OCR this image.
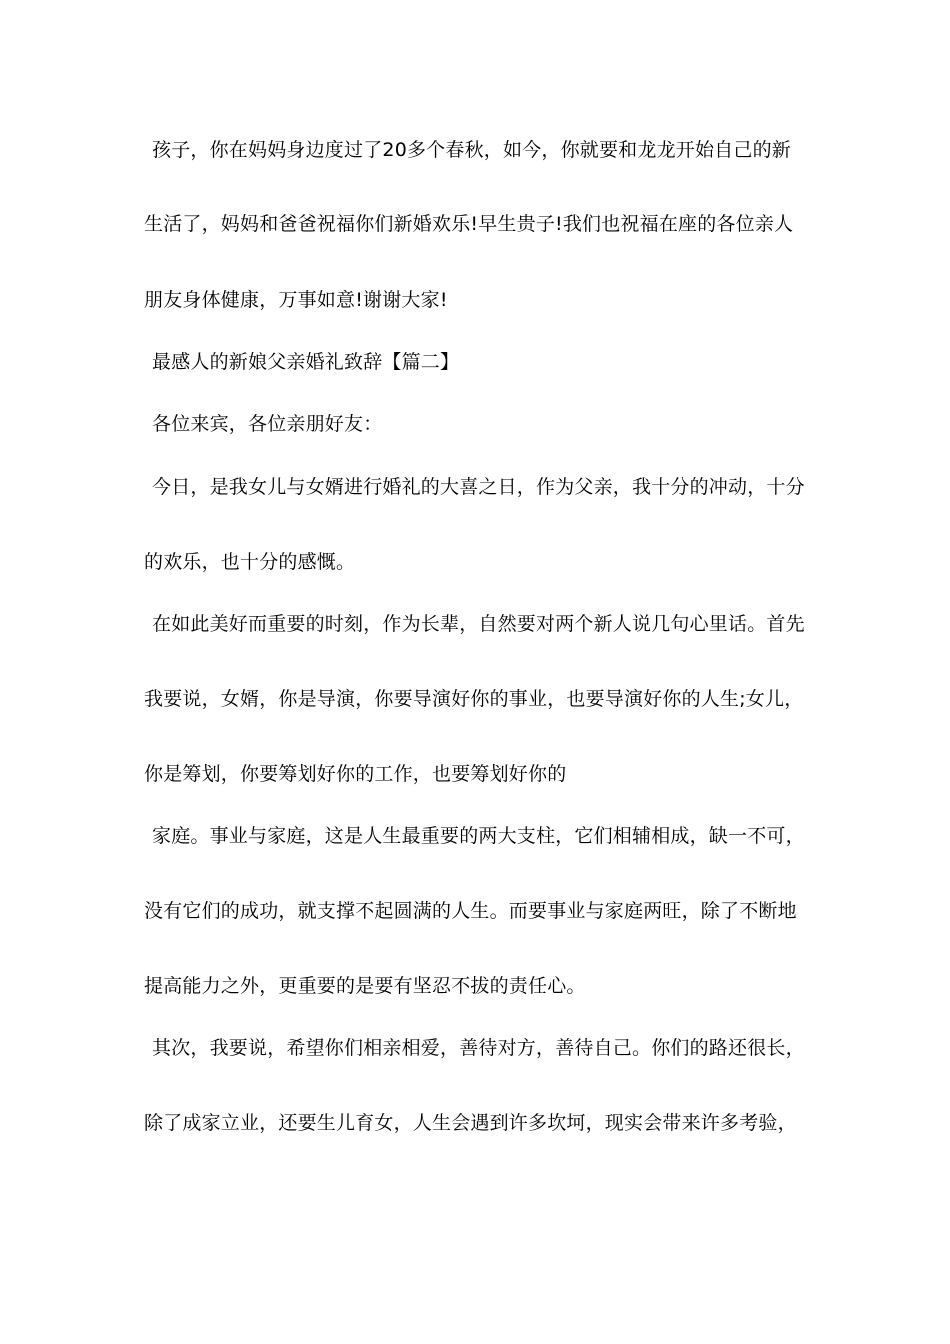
孩子，你在妈妈身边度过了20多个春秋，如今，你就要和龙龙开始自己的新
生活了，妈妈和爸爸祝福你们新婚欢乐!早生贵子!我们也祝福在座的各位亲人
朋友身体健康，万事如意!谢谢大家!
最感人的新娘父亲婚礼致辞【篇二】
各位来宾，各位亲朋好友：
今日，是我女儿与女婿进行婚礼的大喜之日，作为父亲，我十分的冲动，十分
的欢乐，也十分的感慨。
在如此美好而重要的时刻，作为长辈，自然要对两个新人说几句心里话。首先
我要说，女婿，你是导演，你要导演好你的事业，也要导演好你的人生;女儿，
你是筹划，你要筹划好你的工作，也要筹划好你的
家庭。事业与家庭，这是人生最重要的两大支柱，它们相辅相成，缺一不可，
没有它们的成功，就支撑不起圆满的人生。而要事业与家庭两旺，除了不断地
提高能力之外，更重要的是要有坚忍不拔的责任心。
其次，我要说，希望你们相亲相爱，善待对方，善待自己。你们的路还很长，
除了成家立业，还要生儿育女，人生会遇到许多坎坷，现实会带来许多考验，
